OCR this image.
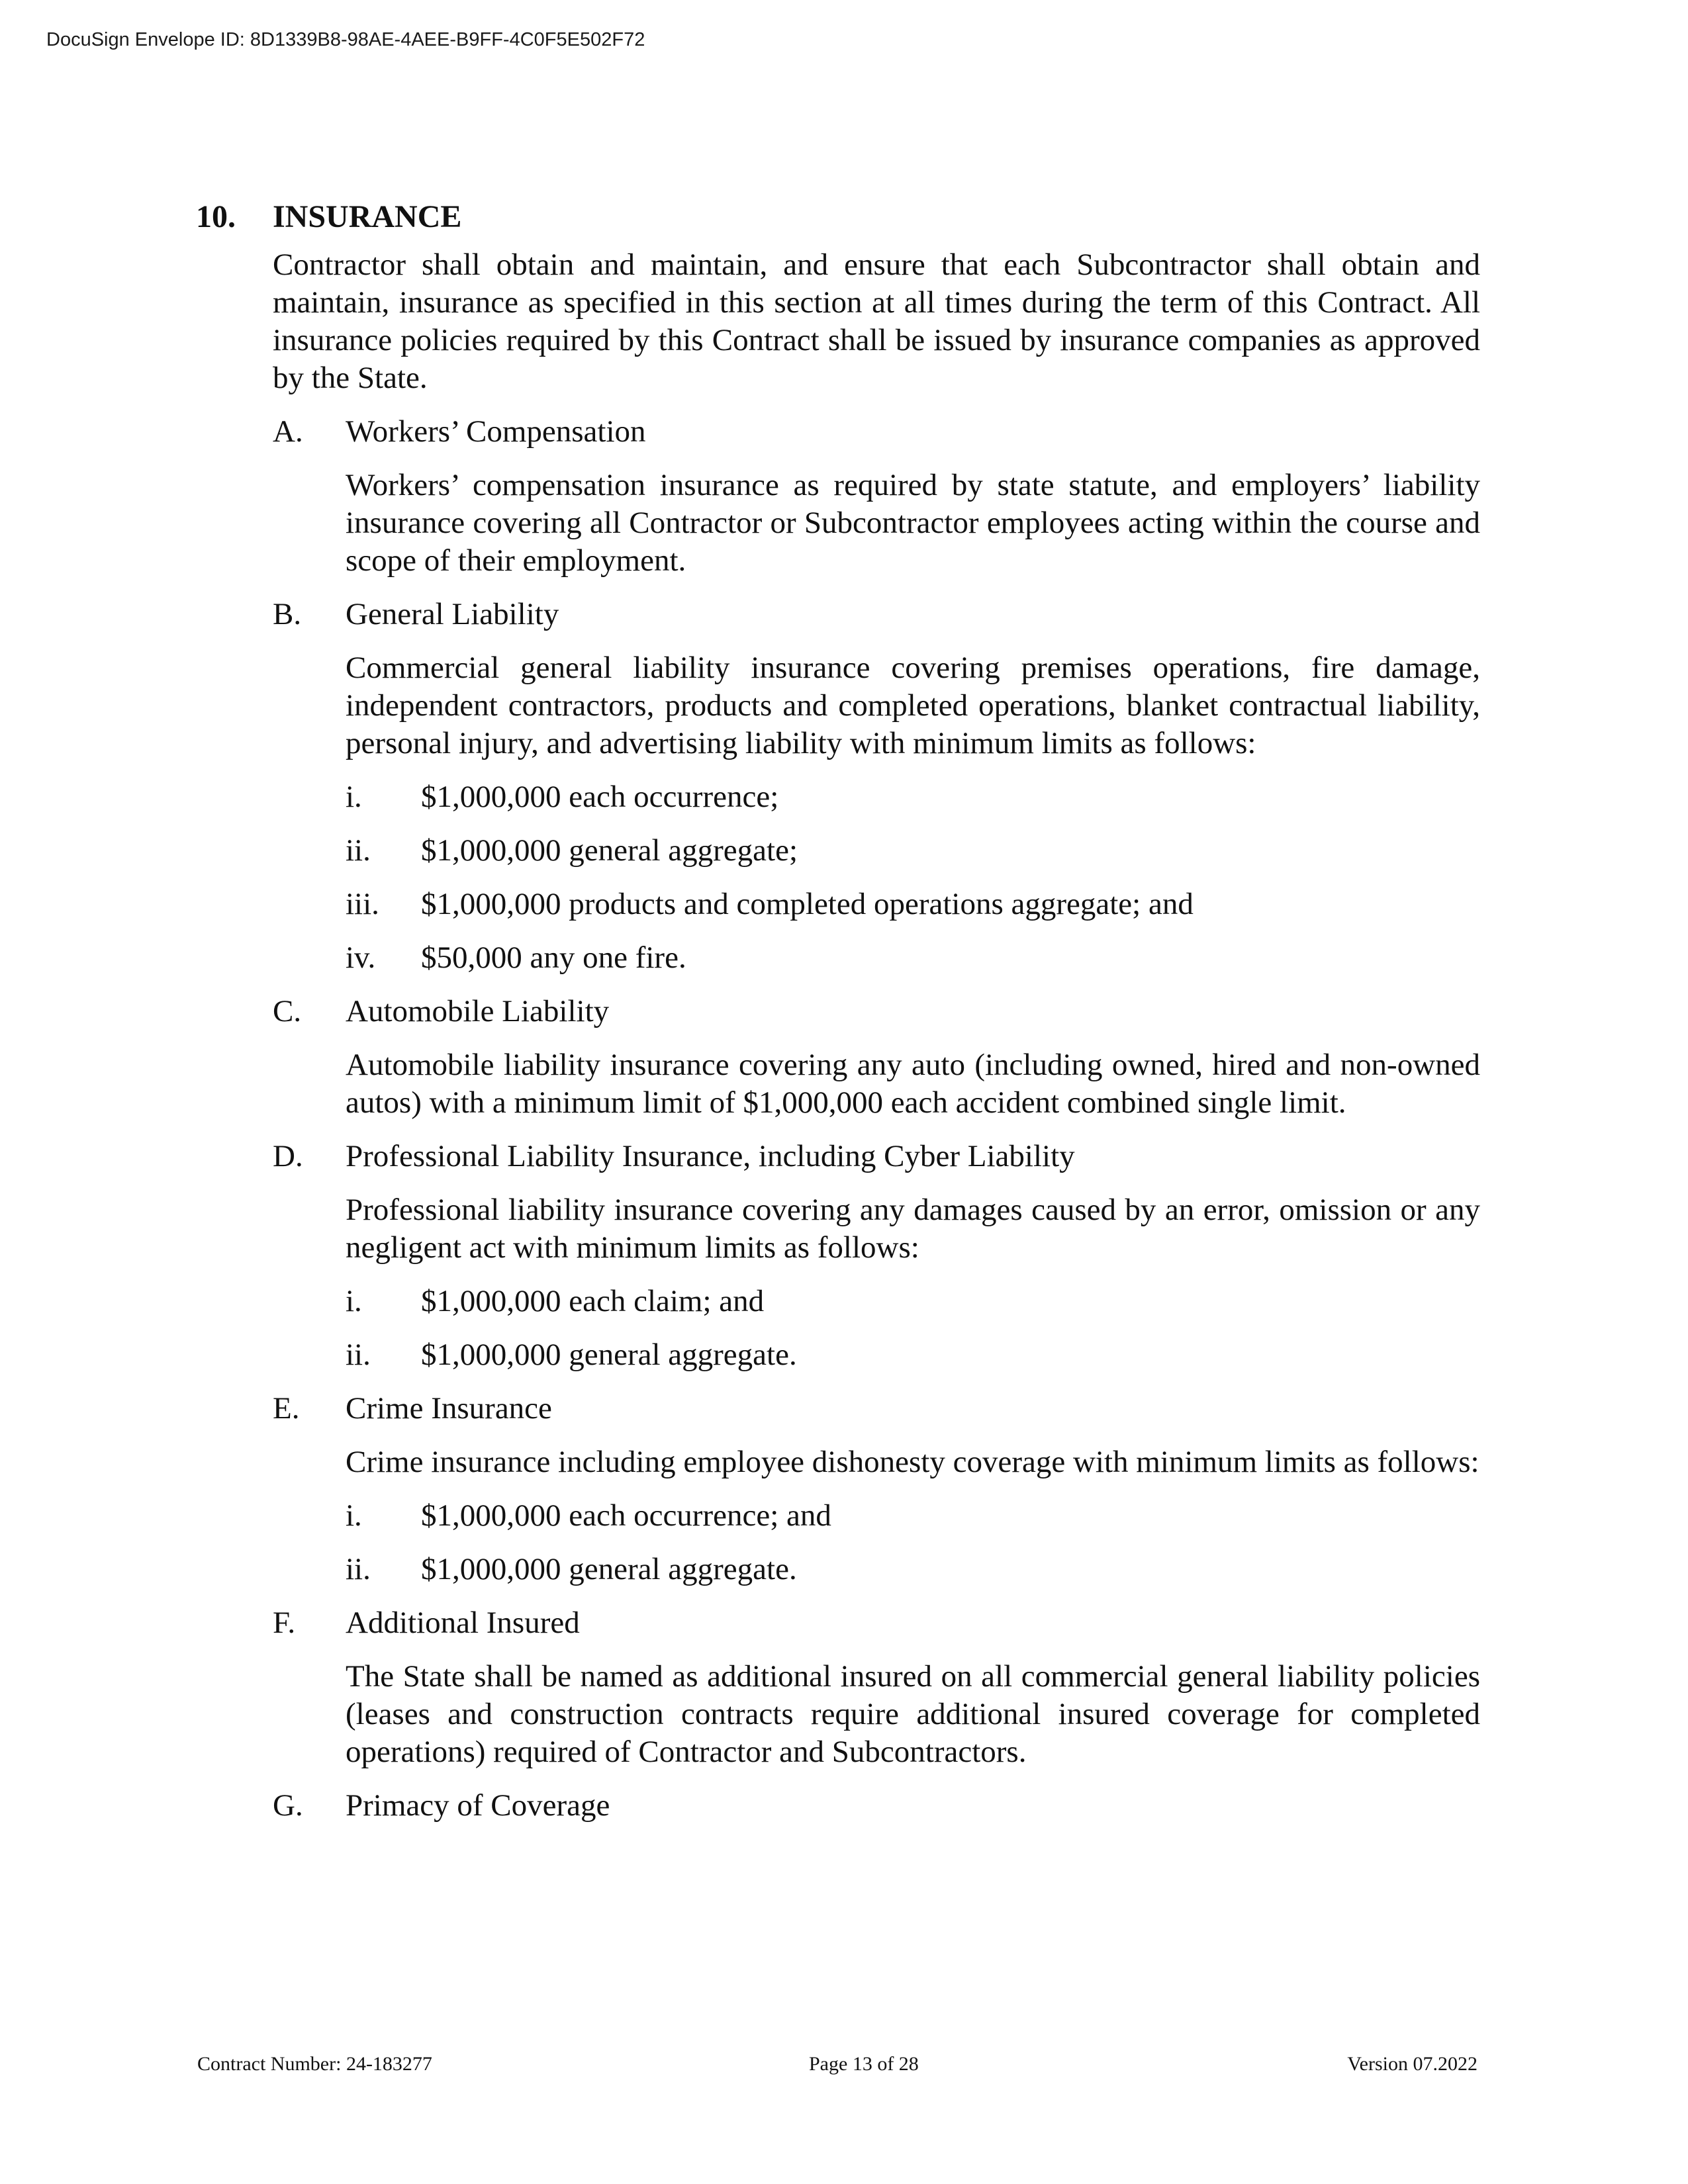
DocuSign Envelope ID: 8D1339B8-98AE-4AEE-B9FF-4C0F5E502F72
10.	INSURANCE

Contractor shall obtain and maintain, and ensure that each Subcontractor shall obtain and maintain, insurance as specified in this section at all times during the term of this Contract. All insurance policies required by this Contract shall be issued by insurance companies as approved by the State.

A.	Workers’ Compensation

Workers’ compensation insurance as required by state statute, and employers’ liability insurance covering all Contractor or Subcontractor employees acting within the course and scope of their employment.

B.	General Liability

Commercial general liability insurance covering premises operations, fire damage, independent contractors, products and completed operations, blanket contractual liability, personal injury, and advertising liability with minimum limits as follows:

i.	$1,000,000 each occurrence;
ii.	$1,000,000 general aggregate;
iii.	$1,000,000 products and completed operations aggregate; and
iv.	$50,000 any one fire.
C.	Automobile Liability

Automobile liability insurance covering any auto (including owned, hired and non-owned autos) with a minimum limit of $1,000,000 each accident combined single limit.

D.	Professional Liability Insurance, including Cyber Liability

Professional liability insurance covering any damages caused by an error, omission or any negligent act with minimum limits as follows:

i.	$1,000,000 each claim; and
ii.	$1,000,000 general aggregate.
E.	Crime Insurance

Crime insurance including employee dishonesty coverage with minimum limits as follows:

i.	$1,000,000 each occurrence; and
ii.	$1,000,000 general aggregate.
F.	Additional Insured

The State shall be named as additional insured on all commercial general liability policies (leases and construction contracts require additional insured coverage for completed operations) required of Contractor and Subcontractors.

G.	Primacy of Coverage
Contract Number: 24-183277	Page 13 of 28	Version 07.2022
